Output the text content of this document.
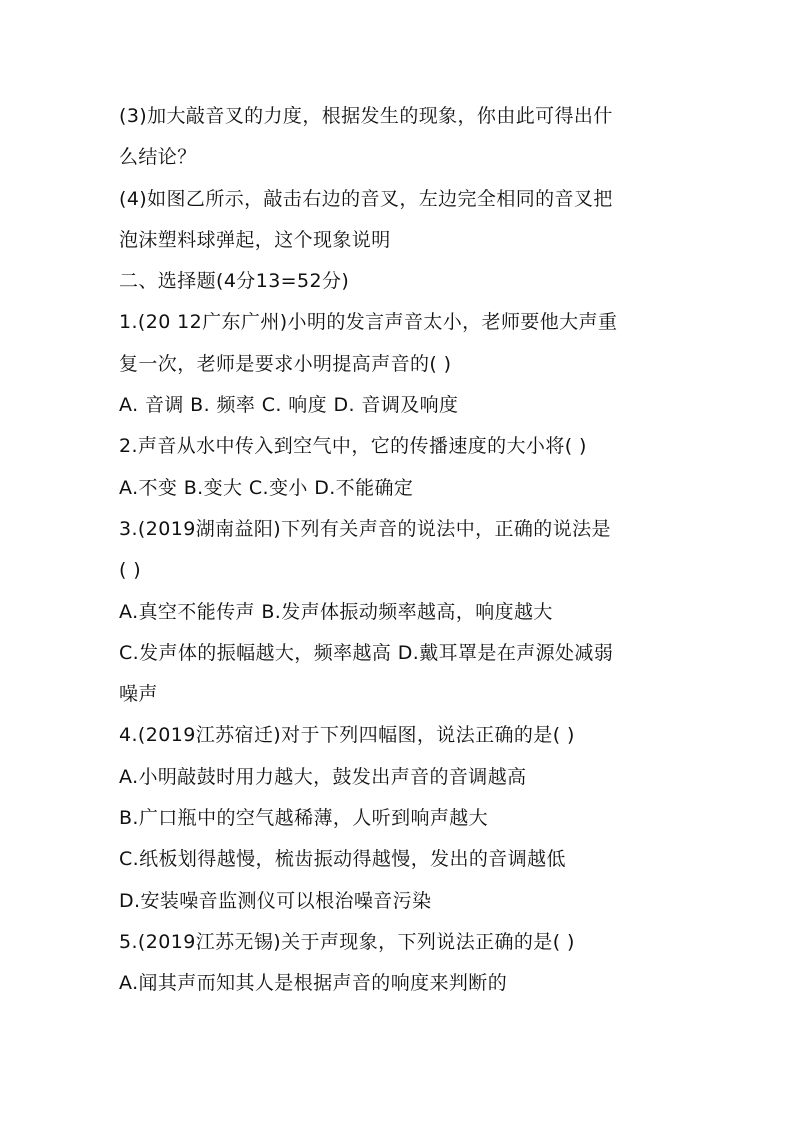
(3)加大敲音叉的力度，根据发生的现象，你由此可得出什
么结论？
(4)如图乙所示，敲击右边的音叉，左边完全相同的音叉把
泡沫塑料球弹起，这个现象说明
二、选择题(4分13=52分)
1.(20 12广东广州)小明的发言声音太小，老师要他大声重
复一次，老师是要求小明提高声音的( )
A. 音调 B. 频率 C. 响度 D. 音调及响度
2.声音从水中传入到空气中，它的传播速度的大小将( )
A.不变 B.变大 C.变小 D.不能确定
3.(2019湖南益阳)下列有关声音的说法中，正确的说法是
( )
A.真空不能传声 B.发声体振动频率越高，响度越大
C.发声体的振幅越大，频率越高 D.戴耳罩是在声源处减弱
噪声
4.(2019江苏宿迁)对于下列四幅图，说法正确的是( )
A.小明敲鼓时用力越大，鼓发出声音的音调越高
B.广口瓶中的空气越稀薄，人听到响声越大
C.纸板划得越慢，梳齿振动得越慢，发出的音调越低
D.安装噪音监测仪可以根治噪音污染
5.(2019江苏无锡)关于声现象，下列说法正确的是( )
A.闻其声而知其人是根据声音的响度来判断的
